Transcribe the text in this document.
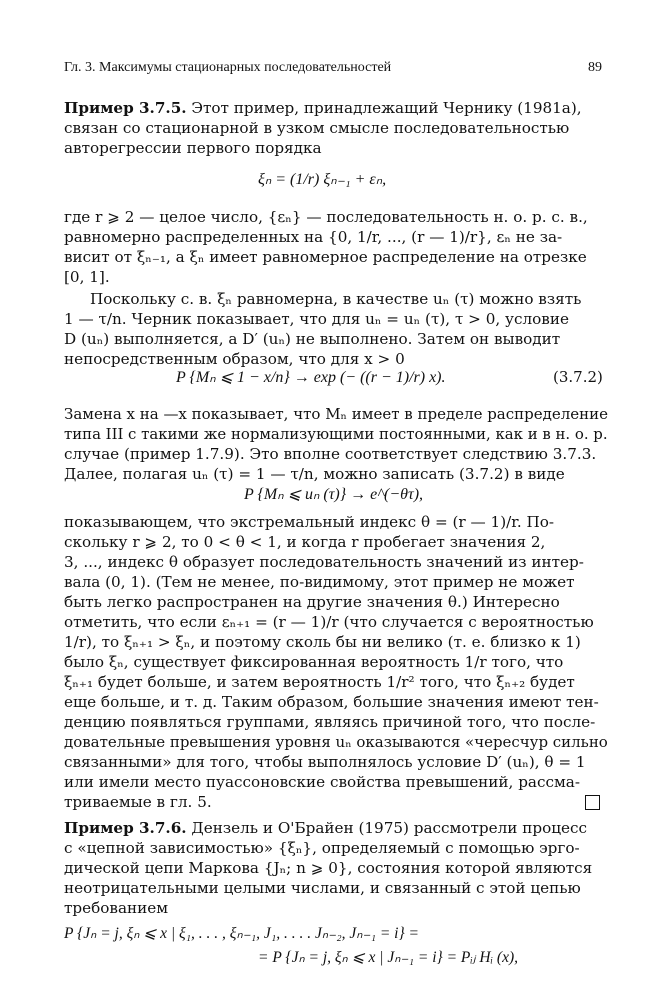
Гл. 3. Максимумы стационарных последовательностей	89
Пример 3.7.5. Этот пример, принадлежащий Чернику (1981a),
связан со стационарной в узком смысле последовательностью
авторегрессии первого порядка
ξₙ = (1/r) ξₙ₋₁ + εₙ,
где r ⩾ 2 — целое число, {εₙ} — последовательность н. о. р. с. в.,
равномерно распределенных на {0, 1/r, ..., (r — 1)/r}, εₙ не за-
висит от ξₙ₋₁, а ξₙ имеет равномерное распределение на отрезке
[0, 1].
Поскольку с. в. ξₙ равномерна, в качестве uₙ (τ) можно взять
1 — τ/n. Черник показывает, что для uₙ = uₙ (τ), τ > 0, условие
D (uₙ) выполняется, а D′ (uₙ) не выполнено. Затем он выводит
непосредственным образом, что для x > 0
P {Mₙ ⩽ 1 − x/n} → exp (− ((r − 1)/r) x).	(3.7.2)
Замена x на —x показывает, что Mₙ имеет в пределе распределение
типа III с такими же нормализующими постоянными, как и в н. о. р.
случае (пример 1.7.9). Это вполне соответствует следствию 3.7.3.
Далее, полагая uₙ (τ) = 1 — τ/n, можно записать (3.7.2) в виде
P {Mₙ ⩽ uₙ (τ)} → e^(−θτ),
показывающем, что экстремальный индекс θ = (r — 1)/r. По-
скольку r ⩾ 2, то 0 < θ < 1, и когда r пробегает значения 2,
3, ..., индекс θ образует последовательность значений из интер-
вала (0, 1). (Тем не менее, по-видимому, этот пример не может
быть легко распространен на другие значения θ.) Интересно
отметить, что если εₙ₊₁ = (r — 1)/r (что случается с вероятностью
1/r), то ξₙ₊₁ > ξₙ, и поэтому сколь бы ни велико (т. е. близко к 1)
было ξₙ, существует фиксированная вероятность 1/r того, что
ξₙ₊₁ будет больше, и затем вероятность 1/r² того, что ξₙ₊₂ будет
еще больше, и т. д. Таким образом, большие значения имеют тен-
денцию появляться группами, являясь причиной того, что после-
довательные превышения уровня uₙ оказываются «чересчур сильно
связанными» для того, чтобы выполнялось условие D′ (uₙ), θ = 1
или имели место пуассоновские свойства превышений, рассма-
триваемые в гл. 5.
Пример 3.7.6. Дензель и О'Брайен (1975) рассмотрели процесс
с «цепной зависимостью» {ξₙ}, определяемый с помощью эрго-
дической цепи Маркова {Jₙ; n ⩾ 0}, состояния которой являются
неотрицательными целыми числами, и связанный с этой цепью
требованием
P {Jₙ = j, ξₙ ⩽ x | ξ₁, . . . , ξₙ₋₁, J₁, . . . . Jₙ₋₂, Jₙ₋₁ = i} =
= P {Jₙ = j, ξₙ ⩽ x | Jₙ₋₁ = i} = Pᵢⱼ Hᵢ (x),
